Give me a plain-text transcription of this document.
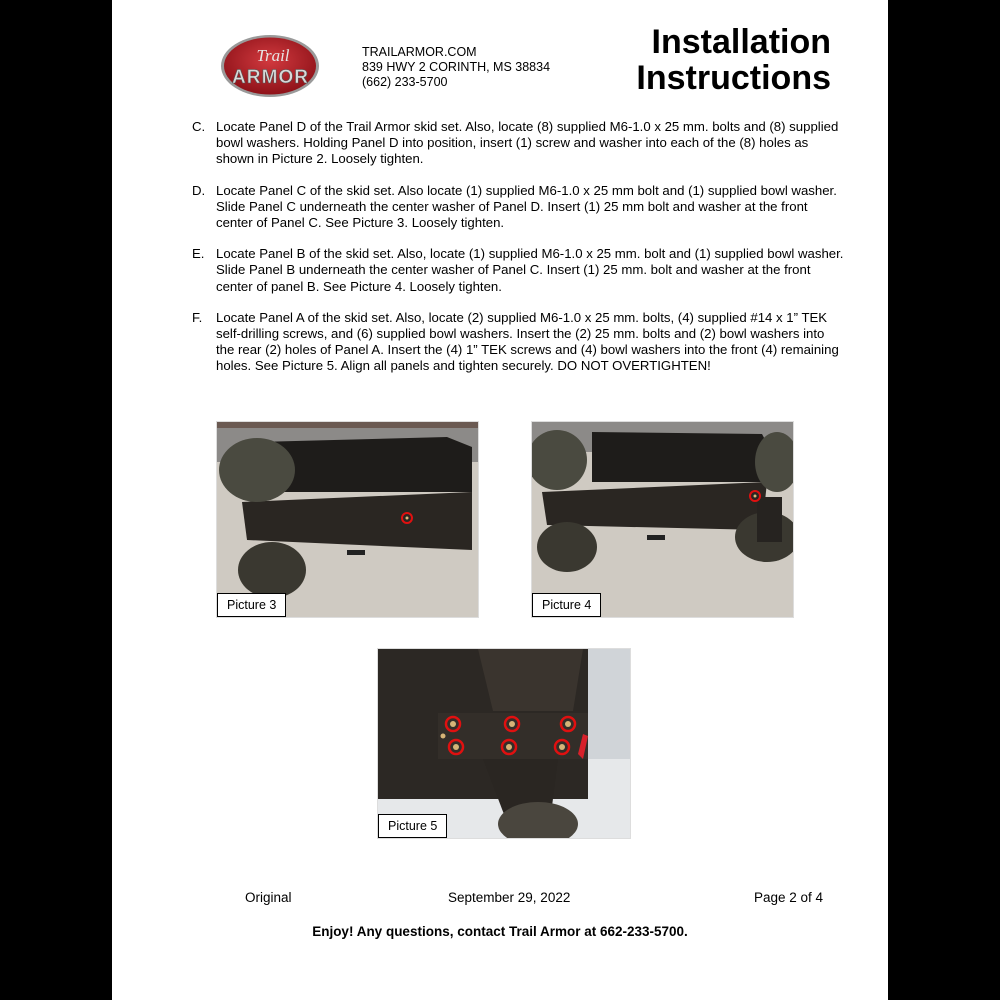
Trail
ARMOR
TRAILARMOR.COM
839 HWY 2 CORINTH, MS 38834
(662) 233-5700
Installation
Instructions
C. Locate Panel D of the Trail Armor skid set. Also, locate (8) supplied M6-1.0 x 25 mm. bolts and (8) supplied bowl washers. Holding Panel D into position, insert (1) screw and washer into each of the (8) holes as shown in Picture 2. Loosely tighten.
D. Locate Panel C of the skid set. Also locate (1) supplied M6-1.0 x 25 mm bolt and (1) supplied bowl washer. Slide Panel C underneath the center washer of Panel D. Insert (1) 25 mm bolt and washer at the front center of Panel C. See Picture 3. Loosely tighten.
E. Locate Panel B of the skid set. Also, locate (1) supplied M6-1.0 x 25 mm. bolt and (1) supplied bowl washer. Slide Panel B underneath the center washer of Panel C. Insert (1) 25 mm. bolt and washer at the front center of panel B. See Picture 4. Loosely tighten.
F.	Locate Panel A of the skid set. Also, locate (2) supplied M6-1.0 x 25 mm. bolts, (4) supplied #14 x 1” TEK self-drilling screws, and (6) supplied bowl washers. Insert the (2) 25 mm. bolts and (2) bowl washers into the rear (2) holes of Panel A. Insert the (4) 1” TEK screws and (4) bowl washers into the front (4) remaining holes. See Picture 5. Align all panels and tighten securely. DO NOT OVERTIGHTEN!
Picture 3	Picture 4
Picture 5
Original	September 29, 2022	Page 2 of 4
Enjoy! Any questions, contact Trail Armor at 662-233-5700.
